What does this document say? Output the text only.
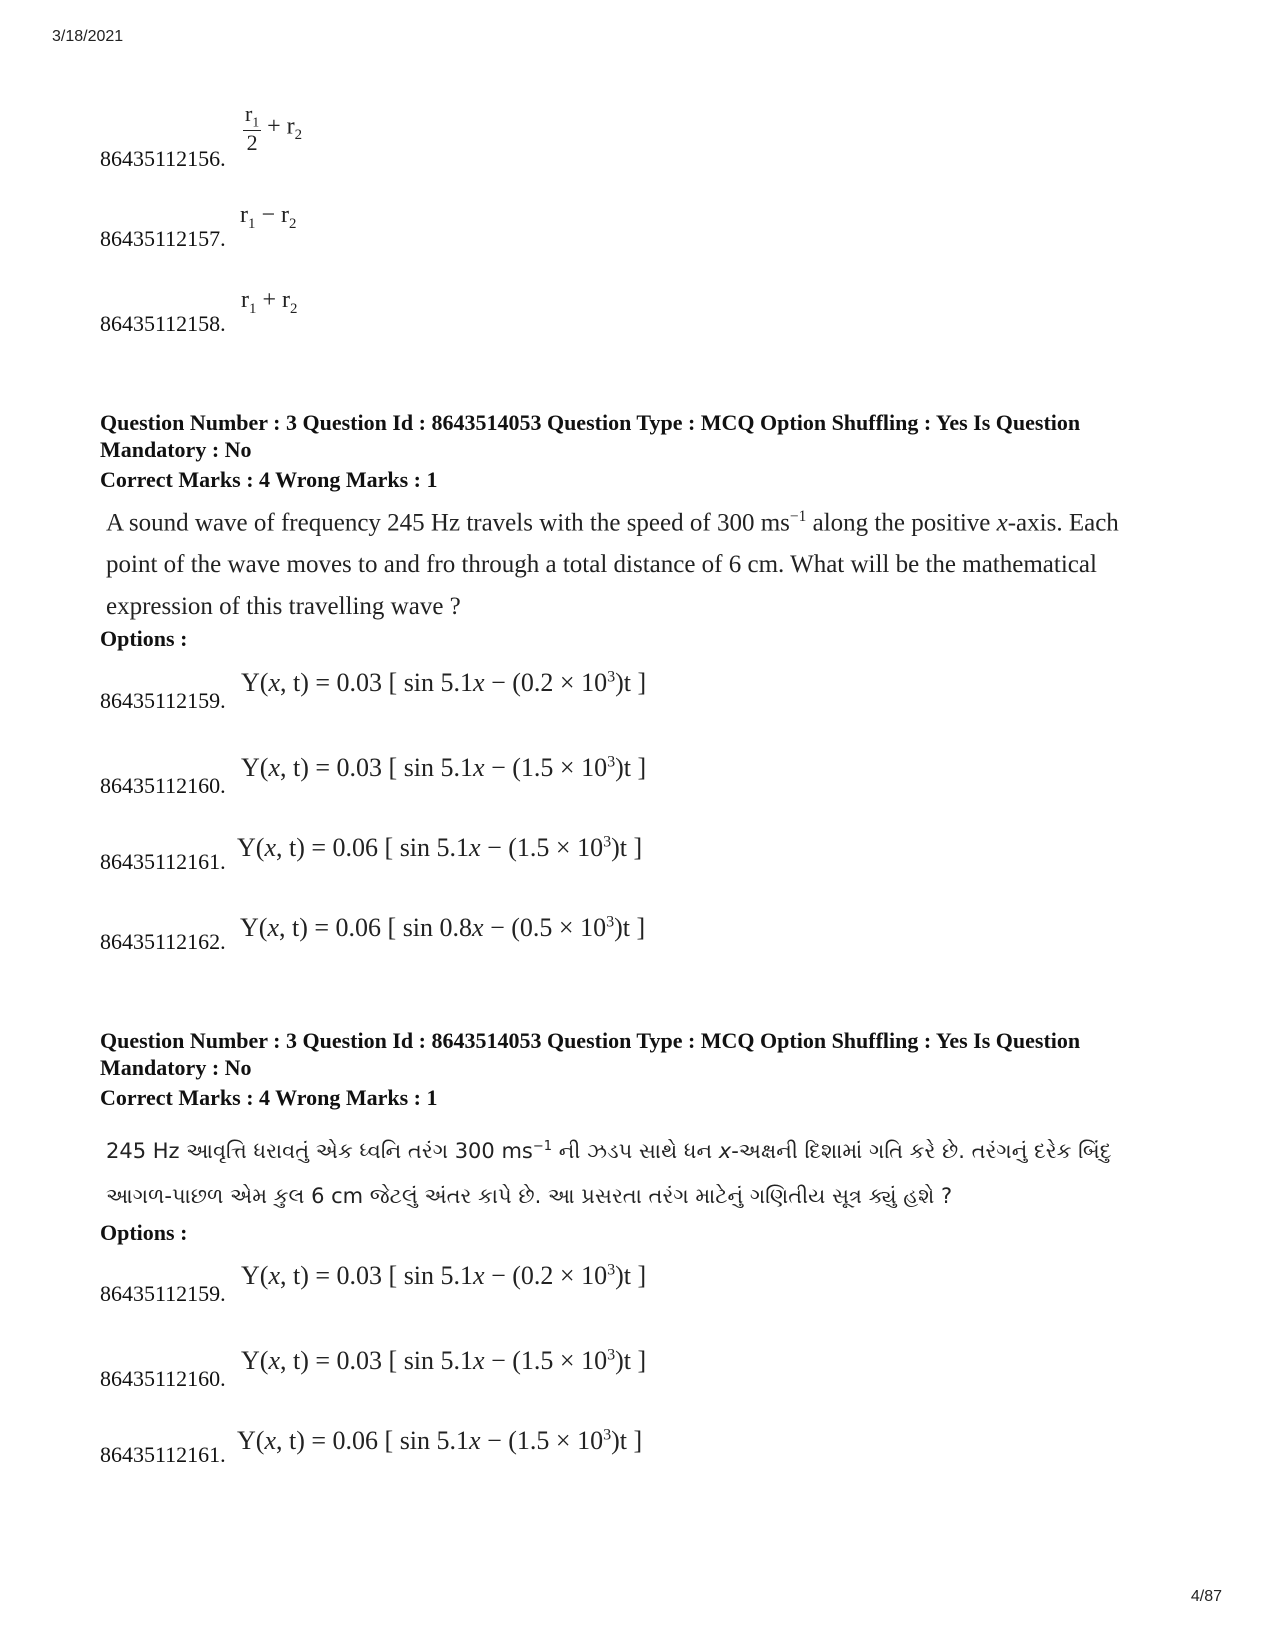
3/18/2021
86435112156.
$\frac{r_1}{2} + r_2$
86435112157.
$r_1 - r_2$
86435112158.
$r_1 + r_2$
Question Number : 3 Question Id : 8643514053 Question Type : MCQ Option Shuffling : Yes Is Question Mandatory : No
Correct Marks : 4 Wrong Marks : 1
A sound wave of frequency 245 Hz travels with the speed of 300 $ms^{-1}$ along the positive x-axis. Each point of the wave moves to and fro through a total distance of 6 cm. What will be the mathematical expression of this travelling wave ?
Options :
86435112159.
Y(x, t) = 0.03 [ $\sin 5.1x - (0.2 \times 10^3)t$ ]
86435112160.
Y(x, t) = 0.03 [ $\sin 5.1x - (1.5 \times 10^3)t$ ]
86435112161. Y(x, t) = 0.06 [ $\sin 5.1x - (1.5 \times 10^3)t$ ]
86435112162. Y(x, t) = 0.06 [ $\sin 0.8x - (0.5 \times 10^3)t$ ]
Question Number : 3 Question Id : 8643514053 Question Type : MCQ Option Shuffling : Yes Is Question Mandatory : No
Correct Marks : 4 Wrong Marks : 1
245 Hz આવૃત્તિ ધરાવતું એક ધ્વનિ તરંગ 300 $ms^{-1}$ ની ઝડપ સાથે ધન x-અક્ષની દિશામાં ગતિ કરે છે. તરંગનું દરેક બિંદુ આગળ-પાછળ એમ કુલ 6 cm જેટલું અંતર કાપે છે. આ પ્રસરતા તરંગ માટેનું ગણિતીય સૂત્ર ક્યું હશે ?
Options :
86435112159.
Y(x, t) = 0.03 [ $\sin 5.1x - (0.2 \times 10^3)t$ ]
86435112160.
Y(x, t) = 0.03 [ $\sin 5.1x - (1.5 \times 10^3)t$ ]
86435112161. Y(x, t) = 0.06 [ $\sin 5.1x - (1.5 \times 10^3)t$ ]
4/87
